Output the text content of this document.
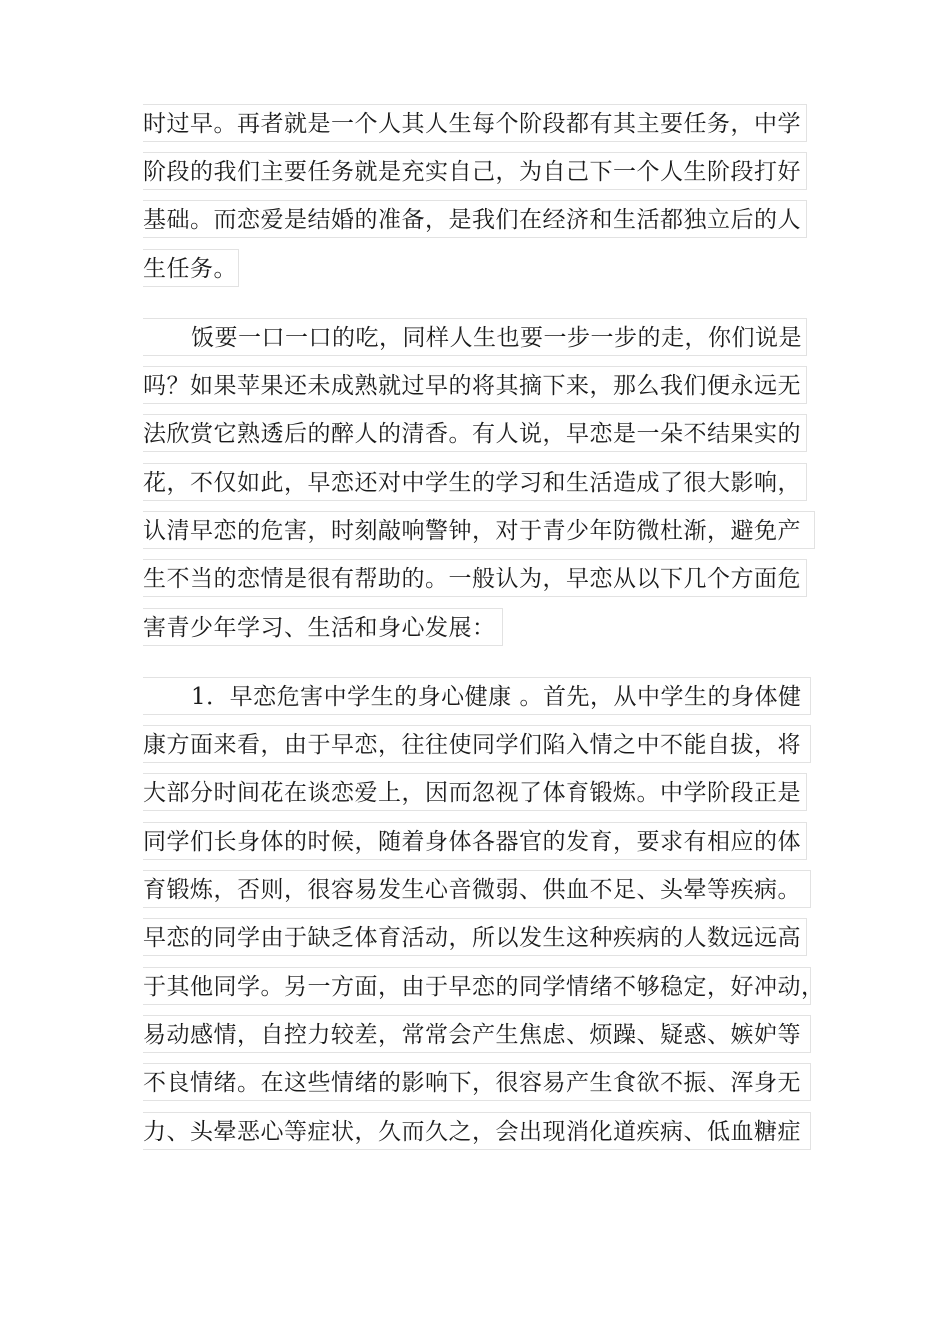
时过早。再者就是一个人其人生每个阶段都有其主要任务，中学
阶段的我们主要任务就是充实自己，为自己下一个人生阶段打好
基础。而恋爱是结婚的准备，是我们在经济和生活都独立后的人
生任务。
饭要一口一口的吃，同样人生也要一步一步的走，你们说是
吗？如果苹果还未成熟就过早的将其摘下来，那么我们便永远无
法欣赏它熟透后的醉人的清香。有人说，早恋是一朵不结果实的
花，不仅如此，早恋还对中学生的学习和生活造成了很大影响，
认清早恋的危害，时刻敲响警钟，对于青少年防微杜渐，避免产
生不当的恋情是很有帮助的。一般认为，早恋从以下几个方面危
害青少年学习、生活和身心发展：
1．早恋危害中学生的身心健康 。首先，从中学生的身体健
康方面来看，由于早恋，往往使同学们陷入情之中不能自拔，将
大部分时间花在谈恋爱上，因而忽视了体育锻炼。中学阶段正是
同学们长身体的时候，随着身体各器官的发育，要求有相应的体
育锻炼，否则，很容易发生心音微弱、供血不足、头晕等疾病。
早恋的同学由于缺乏体育活动，所以发生这种疾病的人数远远高
于其他同学。另一方面，由于早恋的同学情绪不够稳定，好冲动，
易动感情，自控力较差，常常会产生焦虑、烦躁、疑惑、嫉妒等
不良情绪。在这些情绪的影响下，很容易产生食欲不振、浑身无
力、头晕恶心等症状，久而久之，会出现消化道疾病、低血糖症
